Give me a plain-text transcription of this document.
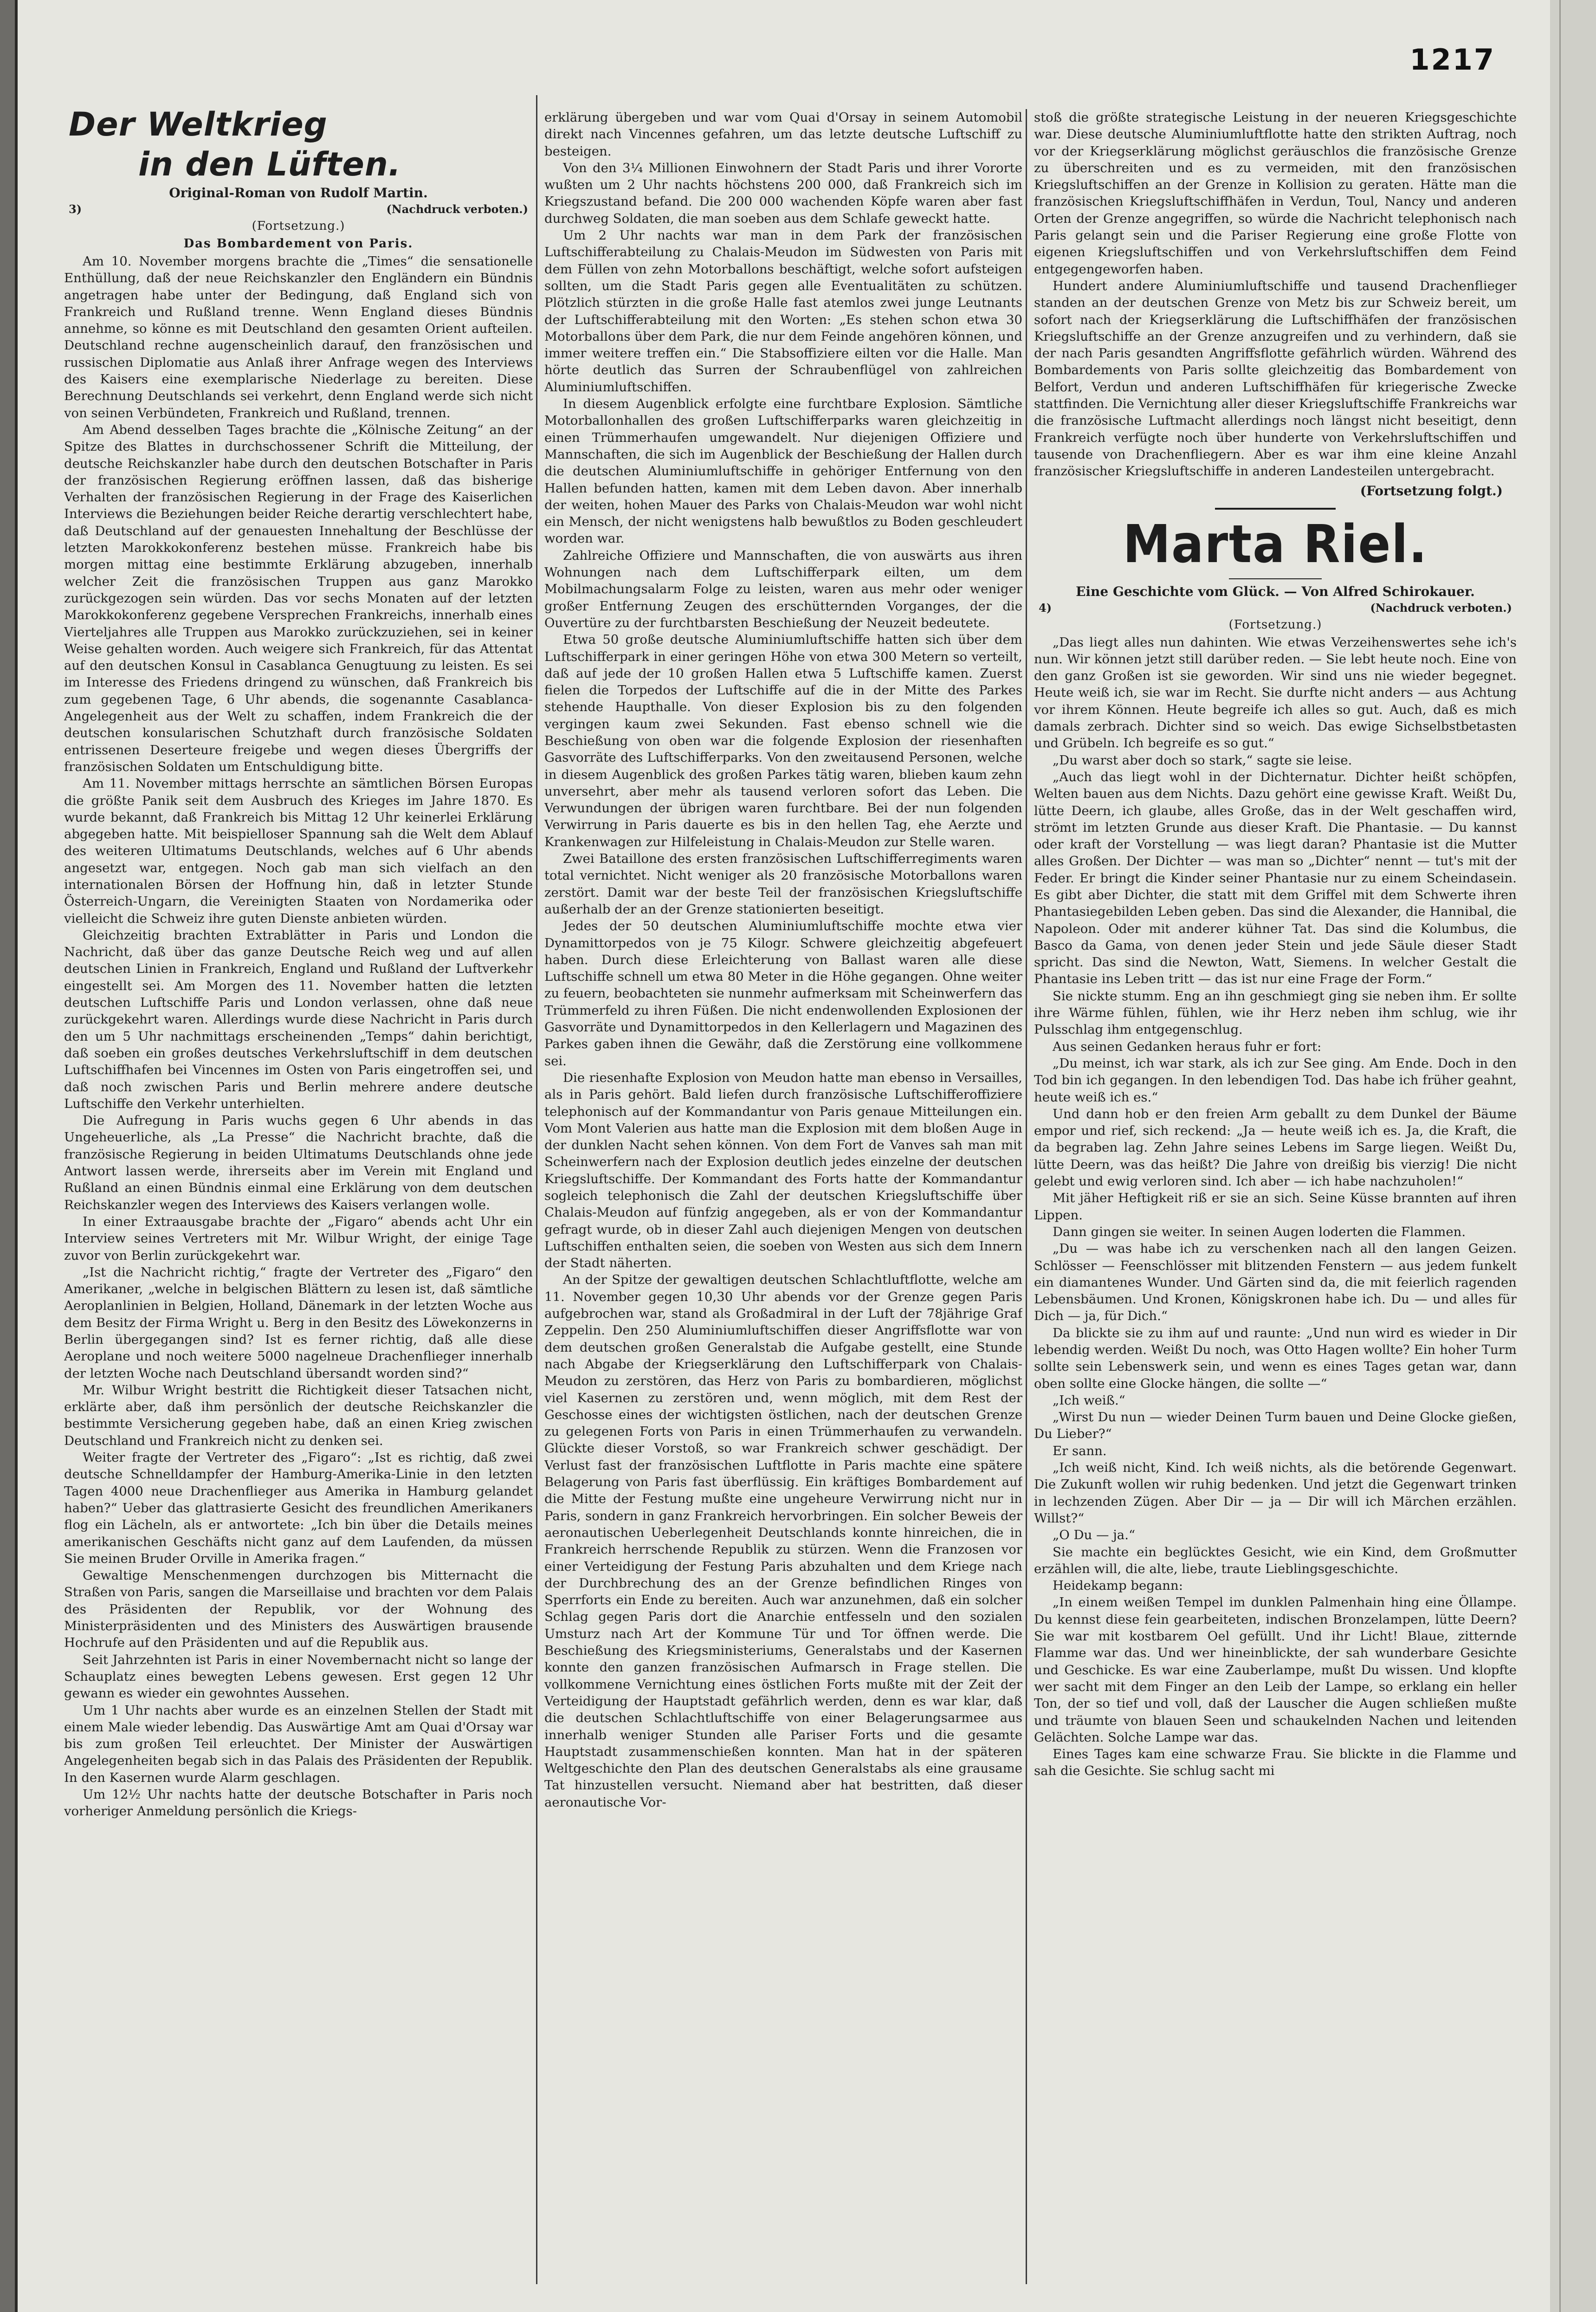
1217
Der Weltkrieg
in den Lüften.
Original-Roman von Rudolf Martin.
3)	(Nachdruck verboten.)
(Fortsetzung.)
Das Bombardement von Paris.

Am 10. November morgens brachte die „Times“ die sensationelle Enthüllung, daß der neue Reichskanzler den Engländern ein Bündnis angetragen habe unter der Bedingung, daß England sich von Frankreich und Rußland trenne. Wenn England dieses Bündnis annehme, so könne es mit Deutschland den gesamten Orient aufteilen. Deutschland rechne augenscheinlich darauf, den französischen und russischen Diplomatie aus Anlaß ihrer Anfrage wegen des Interviews des Kaisers eine exemplarische Niederlage zu bereiten. Diese Berechnung Deutschlands sei verkehrt, denn England werde sich nicht von seinen Verbündeten, Frankreich und Rußland, trennen.

Am Abend desselben Tages brachte die „Kölnische Zeitung“ an der Spitze des Blattes in durchschossener Schrift die Mitteilung, der deutsche Reichskanzler habe durch den deutschen Botschafter in Paris der französischen Regierung eröffnen lassen, daß das bisherige Verhalten der französischen Regierung in der Frage des Kaiserlichen Interviews die Beziehungen beider Reiche derartig verschlechtert habe, daß Deutschland auf der genauesten Innehaltung der Beschlüsse der letzten Marokkokonferenz bestehen müsse. Frankreich habe bis morgen mittag eine bestimmte Erklärung abzugeben, innerhalb welcher Zeit die französischen Truppen aus ganz Marokko zurückgezogen sein würden. Das vor sechs Monaten auf der letzten Marokkokonferenz gegebene Versprechen Frankreichs, innerhalb eines Vierteljahres alle Truppen aus Marokko zurückzuziehen, sei in keiner Weise gehalten worden. Auch weigere sich Frankreich, für das Attentat auf den deutschen Konsul in Casablanca Genugtuung zu leisten. Es sei im Interesse des Friedens dringend zu wünschen, daß Frankreich bis zum gegebenen Tage, 6 Uhr abends, die sogenannte Casablanca-Angelegenheit aus der Welt zu schaffen, indem Frankreich die der deutschen konsularischen Schutzhaft durch französische Soldaten entrissenen Deserteure freigebe und wegen dieses Übergriffs der französischen Soldaten um Entschuldigung bitte.

Am 11. November mittags herrschte an sämtlichen Börsen Europas die größte Panik seit dem Ausbruch des Krieges im Jahre 1870. Es wurde bekannt, daß Frankreich bis Mittag 12 Uhr keinerlei Erklärung abgegeben hatte. Mit beispielloser Spannung sah die Welt dem Ablauf des weiteren Ultimatums Deutschlands, welches auf 6 Uhr abends angesetzt war, entgegen. Noch gab man sich vielfach an den internationalen Börsen der Hoffnung hin, daß in letzter Stunde Österreich-Ungarn, die Vereinigten Staaten von Nordamerika oder vielleicht die Schweiz ihre guten Dienste anbieten würden.

Gleichzeitig brachten Extrablätter in Paris und London die Nachricht, daß über das ganze Deutsche Reich weg und auf allen deutschen Linien in Frankreich, England und Rußland der Luftverkehr eingestellt sei. Am Morgen des 11. November hatten die letzten deutschen Luftschiffe Paris und London verlassen, ohne daß neue zurückgekehrt waren. Allerdings wurde diese Nachricht in Paris durch den um 5 Uhr nachmittags erscheinenden „Temps“ dahin berichtigt, daß soeben ein großes deutsches Verkehrsluftschiff in dem deutschen Luftschiffhafen bei Vincennes im Osten von Paris eingetroffen sei, und daß noch zwischen Paris und Berlin mehrere andere deutsche Luftschiffe den Verkehr unterhielten.

Die Aufregung in Paris wuchs gegen 6 Uhr abends in das Ungeheuerliche, als „La Presse“ die Nachricht brachte, daß die französische Regierung in beiden Ultimatums Deutschlands ohne jede Antwort lassen werde, ihrerseits aber im Verein mit England und Rußland an einen Bündnis einmal eine Erklärung von dem deutschen Reichskanzler wegen des Interviews des Kaisers verlangen wolle.

In einer Extraausgabe brachte der „Figaro“ abends acht Uhr ein Interview seines Vertreters mit Mr. Wilbur Wright, der einige Tage zuvor von Berlin zurückgekehrt war.

„Ist die Nachricht richtig,“ fragte der Vertreter des „Figaro“ den Amerikaner, „welche in belgischen Blättern zu lesen ist, daß sämtliche Aeroplanlinien in Belgien, Holland, Dänemark in der letzten Woche aus dem Besitz der Firma Wright u. Berg in den Besitz des Löwekonzerns in Berlin übergegangen sind? Ist es ferner richtig, daß alle diese Aeroplane und noch weitere 5000 nagelneue Drachenflieger innerhalb der letzten Woche nach Deutschland übersandt worden sind?“

Mr. Wilbur Wright bestritt die Richtigkeit dieser Tatsachen nicht, erklärte aber, daß ihm persönlich der deutsche Reichskanzler die bestimmte Versicherung gegeben habe, daß an einen Krieg zwischen Deutschland und Frankreich nicht zu denken sei.

Weiter fragte der Vertreter des „Figaro“: „Ist es richtig, daß zwei deutsche Schnelldampfer der Hamburg-Amerika-Linie in den letzten Tagen 4000 neue Drachenflieger aus Amerika in Hamburg gelandet haben?“ Ueber das glattrasierte Gesicht des freundlichen Amerikaners flog ein Lächeln, als er antwortete: „Ich bin über die Details meines amerikanischen Geschäfts nicht ganz auf dem Laufenden, da müssen Sie meinen Bruder Orville in Amerika fragen.“

Gewaltige Menschenmengen durchzogen bis Mitternacht die Straßen von Paris, sangen die Marseillaise und brachten vor dem Palais des Präsidenten der Republik, vor der Wohnung des Ministerpräsidenten und des Ministers des Auswärtigen brausende Hochrufe auf den Präsidenten und auf die Republik aus.

Seit Jahrzehnten ist Paris in einer Novembernacht nicht so lange der Schauplatz eines bewegten Lebens gewesen. Erst gegen 12 Uhr gewann es wieder ein gewohntes Aussehen.

Um 1 Uhr nachts aber wurde es an einzelnen Stellen der Stadt mit einem Male wieder lebendig. Das Auswärtige Amt am Quai d'Orsay war bis zum großen Teil erleuchtet. Der Minister der Auswärtigen Angelegenheiten begab sich in das Palais des Präsidenten der Republik. In den Kasernen wurde Alarm geschlagen.

Um 12½ Uhr nachts hatte der deutsche Botschafter in Paris noch vorheriger Anmeldung persönlich die Kriegs-

erklärung übergeben und war vom Quai d'Orsay in seinem Automobil direkt nach Vincennes gefahren, um das letzte deutsche Luftschiff zu besteigen.

Von den 3¼ Millionen Einwohnern der Stadt Paris und ihrer Vororte wußten um 2 Uhr nachts höchstens 200 000, daß Frankreich sich im Kriegszustand befand. Die 200 000 wachenden Köpfe waren aber fast durchweg Soldaten, die man soeben aus dem Schlafe geweckt hatte.

Um 2 Uhr nachts war man in dem Park der französischen Luftschifferabteilung zu Chalais-Meudon im Südwesten von Paris mit dem Füllen von zehn Motorballons beschäftigt, welche sofort aufsteigen sollten, um die Stadt Paris gegen alle Eventualitäten zu schützen. Plötzlich stürzten in die große Halle fast atemlos zwei junge Leutnants der Luftschifferabteilung mit den Worten: „Es stehen schon etwa 30 Motorballons über dem Park, die nur dem Feinde angehören können, und immer weitere treffen ein.“ Die Stabsoffiziere eilten vor die Halle. Man hörte deutlich das Surren der Schraubenflügel von zahlreichen Aluminiumluftschiffen.

In diesem Augenblick erfolgte eine furchtbare Explosion. Sämtliche Motorballonhallen des großen Luftschifferparks waren gleichzeitig in einen Trümmerhaufen umgewandelt. Nur diejenigen Offiziere und Mannschaften, die sich im Augenblick der Beschießung der Hallen durch die deutschen Aluminiumluftschiffe in gehöriger Entfernung von den Hallen befunden hatten, kamen mit dem Leben davon. Aber innerhalb der weiten, hohen Mauer des Parks von Chalais-Meudon war wohl nicht ein Mensch, der nicht wenigstens halb bewußtlos zu Boden geschleudert worden war.

Zahlreiche Offiziere und Mannschaften, die von auswärts aus ihren Wohnungen nach dem Luftschifferpark eilten, um dem Mobilmachungsalarm Folge zu leisten, waren aus mehr oder weniger großer Entfernung Zeugen des erschütternden Vorganges, der die Ouvertüre zu der furchtbarsten Beschießung der Neuzeit bedeutete.

Etwa 50 große deutsche Aluminiumluftschiffe hatten sich über dem Luftschifferpark in einer geringen Höhe von etwa 300 Metern so verteilt, daß auf jede der 10 großen Hallen etwa 5 Luftschiffe kamen. Zuerst fielen die Torpedos der Luftschiffe auf die in der Mitte des Parkes stehende Haupthalle. Von dieser Explosion bis zu den folgenden vergingen kaum zwei Sekunden. Fast ebenso schnell wie die Beschießung von oben war die folgende Explosion der riesenhaften Gasvorräte des Luftschifferparks. Von den zweitausend Personen, welche in diesem Augenblick des großen Parkes tätig waren, blieben kaum zehn unversehrt, aber mehr als tausend verloren sofort das Leben. Die Verwundungen der übrigen waren furchtbare. Bei der nun folgenden Verwirrung in Paris dauerte es bis in den hellen Tag, ehe Aerzte und Krankenwagen zur Hilfeleistung in Chalais-Meudon zur Stelle waren.

Zwei Bataillone des ersten französischen Luftschifferregiments waren total vernichtet. Nicht weniger als 20 französische Motorballons waren zerstört. Damit war der beste Teil der französischen Kriegsluftschiffe außerhalb der an der Grenze stationierten beseitigt.

Jedes der 50 deutschen Aluminiumluftschiffe mochte etwa vier Dynamittorpedos von je 75 Kilogr. Schwere gleichzeitig abgefeuert haben. Durch diese Erleichterung von Ballast waren alle diese Luftschiffe schnell um etwa 80 Meter in die Höhe gegangen. Ohne weiter zu feuern, beobachteten sie nunmehr aufmerksam mit Scheinwerfern das Trümmerfeld zu ihren Füßen. Die nicht endenwollenden Explosionen der Gasvorräte und Dynamittorpedos in den Kellerlagern und Magazinen des Parkes gaben ihnen die Gewähr, daß die Zerstörung eine vollkommene sei.

Die riesenhafte Explosion von Meudon hatte man ebenso in Versailles, als in Paris gehört. Bald liefen durch französische Luftschifferoffiziere telephonisch auf der Kommandantur von Paris genaue Mitteilungen ein. Vom Mont Valerien aus hatte man die Explosion mit dem bloßen Auge in der dunklen Nacht sehen können. Von dem Fort de Vanves sah man mit Scheinwerfern nach der Explosion deutlich jedes einzelne der deutschen Kriegsluftschiffe. Der Kommandant des Forts hatte der Kommandantur sogleich telephonisch die Zahl der deutschen Kriegsluftschiffe über Chalais-Meudon auf fünfzig angegeben, als er von der Kommandantur gefragt wurde, ob in dieser Zahl auch diejenigen Mengen von deutschen Luftschiffen enthalten seien, die soeben von Westen aus sich dem Innern der Stadt näherten.

An der Spitze der gewaltigen deutschen Schlachtluftflotte, welche am 11. November gegen 10,30 Uhr abends vor der Grenze gegen Paris aufgebrochen war, stand als Großadmiral in der Luft der 78jährige Graf Zeppelin. Den 250 Aluminiumluftschiffen dieser Angriffsflotte war von dem deutschen großen Generalstab die Aufgabe gestellt, eine Stunde nach Abgabe der Kriegserklärung den Luftschifferpark von Chalais-Meudon zu zerstören, das Herz von Paris zu bombardieren, möglichst viel Kasernen zu zerstören und, wenn möglich, mit dem Rest der Geschosse eines der wichtigsten östlichen, nach der deutschen Grenze zu gelegenen Forts von Paris in einen Trümmerhaufen zu verwandeln. Glückte dieser Vorstoß, so war Frankreich schwer geschädigt. Der Verlust fast der französischen Luftflotte in Paris machte eine spätere Belagerung von Paris fast überflüssig. Ein kräftiges Bombardement auf die Mitte der Festung mußte eine ungeheure Verwirrung nicht nur in Paris, sondern in ganz Frankreich hervorbringen. Ein solcher Beweis der aeronautischen Ueberlegenheit Deutschlands konnte hinreichen, die in Frankreich herrschende Republik zu stürzen. Wenn die Franzosen vor einer Verteidigung der Festung Paris abzuhalten und dem Kriege nach der Durchbrechung des an der Grenze befindlichen Ringes von Sperrforts ein Ende zu bereiten. Auch war anzunehmen, daß ein solcher Schlag gegen Paris dort die Anarchie entfesseln und den sozialen Umsturz nach Art der Kommune Tür und Tor öffnen werde. Die Beschießung des Kriegsministeriums, Generalstabs und der Kasernen konnte den ganzen französischen Aufmarsch in Frage stellen. Die vollkommene Vernichtung eines östlichen Forts mußte mit der Zeit der Verteidigung der Hauptstadt gefährlich werden, denn es war klar, daß die deutschen Schlachtluftschiffe von einer Belagerungsarmee aus innerhalb weniger Stunden alle Pariser Forts und die gesamte Hauptstadt zusammenschießen konnten. Man hat in der späteren Weltgeschichte den Plan des deutschen Generalstabs als eine grausame Tat hinzustellen versucht. Niemand aber hat bestritten, daß dieser aeronautische Vor-

stoß die größte strategische Leistung in der neueren Kriegsgeschichte war. Diese deutsche Aluminiumluftflotte hatte den strikten Auftrag, noch vor der Kriegserklärung möglichst geräuschlos die französische Grenze zu überschreiten und es zu vermeiden, mit den französischen Kriegsluftschiffen an der Grenze in Kollision zu geraten. Hätte man die französischen Kriegsluftschiffhäfen in Verdun, Toul, Nancy und anderen Orten der Grenze angegriffen, so würde die Nachricht telephonisch nach Paris gelangt sein und die Pariser Regierung eine große Flotte von eigenen Kriegsluftschiffen und von Verkehrsluftschiffen dem Feind entgegengeworfen haben.

Hundert andere Aluminiumluftschiffe und tausend Drachenflieger standen an der deutschen Grenze von Metz bis zur Schweiz bereit, um sofort nach der Kriegserklärung die Luftschiffhäfen der französischen Kriegsluftschiffe an der Grenze anzugreifen und zu verhindern, daß sie der nach Paris gesandten Angriffsflotte gefährlich würden. Während des Bombardements von Paris sollte gleichzeitig das Bombardement von Belfort, Verdun und anderen Luftschiffhäfen für kriegerische Zwecke stattfinden. Die Vernichtung aller dieser Kriegsluftschiffe Frankreichs war die französische Luftmacht allerdings noch längst nicht beseitigt, denn Frankreich verfügte noch über hunderte von Verkehrsluftschiffen und tausende von Drachenfliegern. Aber es war ihm eine kleine Anzahl französischer Kriegsluftschiffe in anderen Landesteilen untergebracht.

(Fortsetzung folgt.)
Marta Riel.
Eine Geschichte vom Glück. — Von Alfred Schirokauer.
4)	(Nachdruck verboten.)
(Fortsetzung.)

„Das liegt alles nun dahinten. Wie etwas Verzeihenswertes sehe ich's nun. Wir können jetzt still darüber reden. — Sie lebt heute noch. Eine von den ganz Großen ist sie geworden. Wir sind uns nie wieder begegnet. Heute weiß ich, sie war im Recht. Sie durfte nicht anders — aus Achtung vor ihrem Können. Heute begreife ich alles so gut. Auch, daß es mich damals zerbrach. Dichter sind so weich. Das ewige Sichselbstbetasten und Grübeln. Ich begreife es so gut.“

„Du warst aber doch so stark,“ sagte sie leise.

„Auch das liegt wohl in der Dichternatur. Dichter heißt schöpfen, Welten bauen aus dem Nichts. Dazu gehört eine gewisse Kraft. Weißt Du, lütte Deern, ich glaube, alles Große, das in der Welt geschaffen wird, strömt im letzten Grunde aus dieser Kraft. Die Phantasie. — Du kannst oder kraft der Vorstellung — was liegt daran? Phantasie ist die Mutter alles Großen. Der Dichter — was man so „Dichter“ nennt — tut's mit der Feder. Er bringt die Kinder seiner Phantasie nur zu einem Scheindasein. Es gibt aber Dichter, die statt mit dem Griffel mit dem Schwerte ihren Phantasiegebilden Leben geben. Das sind die Alexander, die Hannibal, die Napoleon. Oder mit anderer kühner Tat. Das sind die Kolumbus, die Basco da Gama, von denen jeder Stein und jede Säule dieser Stadt spricht. Das sind die Newton, Watt, Siemens. In welcher Gestalt die Phantasie ins Leben tritt — das ist nur eine Frage der Form.“

Sie nickte stumm. Eng an ihn geschmiegt ging sie neben ihm. Er sollte ihre Wärme fühlen, fühlen, wie ihr Herz neben ihm schlug, wie ihr Pulsschlag ihm entgegenschlug.

Aus seinen Gedanken heraus fuhr er fort:

„Du meinst, ich war stark, als ich zur See ging. Am Ende. Doch in den Tod bin ich gegangen. In den lebendigen Tod. Das habe ich früher geahnt, heute weiß ich es.“

Und dann hob er den freien Arm geballt zu dem Dunkel der Bäume empor und rief, sich reckend: „Ja — heute weiß ich es. Ja, die Kraft, die da begraben lag. Zehn Jahre seines Lebens im Sarge liegen. Weißt Du, lütte Deern, was das heißt? Die Jahre von dreißig bis vierzig! Die nicht gelebt und ewig verloren sind. Ich aber — ich habe nachzuholen!“

Mit jäher Heftigkeit riß er sie an sich. Seine Küsse brannten auf ihren Lippen.

Dann gingen sie weiter. In seinen Augen loderten die Flammen.

„Du — was habe ich zu verschenken nach all den langen Geizen. Schlösser — Feenschlösser mit blitzenden Fenstern — aus jedem funkelt ein diamantenes Wunder. Und Gärten sind da, die mit feierlich ragenden Lebensbäumen. Und Kronen, Königskronen habe ich. Du — und alles für Dich — ja, für Dich.“

Da blickte sie zu ihm auf und raunte: „Und nun wird es wieder in Dir lebendig werden. Weißt Du noch, was Otto Hagen wollte? Ein hoher Turm sollte sein Lebenswerk sein, und wenn es eines Tages getan war, dann oben sollte eine Glocke hängen, die sollte —“

„Ich weiß.“

„Wirst Du nun — wieder Deinen Turm bauen und Deine Glocke gießen, Du Lieber?“

Er sann.

„Ich weiß nicht, Kind. Ich weiß nichts, als die betörende Gegenwart. Die Zukunft wollen wir ruhig bedenken. Und jetzt die Gegenwart trinken in lechzenden Zügen. Aber Dir — ja — Dir will ich Märchen erzählen. Willst?“

„O Du — ja.“

Sie machte ein beglücktes Gesicht, wie ein Kind, dem Großmutter erzählen will, die alte, liebe, traute Lieblingsgeschichte.

Heidekamp begann:

„In einem weißen Tempel im dunklen Palmenhain hing eine Öllampe. Du kennst diese fein gearbeiteten, indischen Bronzelampen, lütte Deern? Sie war mit kostbarem Oel gefüllt. Und ihr Licht! Blaue, zitternde Flamme war das. Und wer hineinblickte, der sah wunderbare Gesichte und Geschicke. Es war eine Zauberlampe, mußt Du wissen. Und klopfte wer sacht mit dem Finger an den Leib der Lampe, so erklang ein heller Ton, der so tief und voll, daß der Lauscher die Augen schließen mußte und träumte von blauen Seen und schaukelnden Nachen und leitenden Gelächten. Solche Lampe war das.

Eines Tages kam eine schwarze Frau. Sie blickte in die Flamme und sah die Gesichte. Sie schlug sacht mi
